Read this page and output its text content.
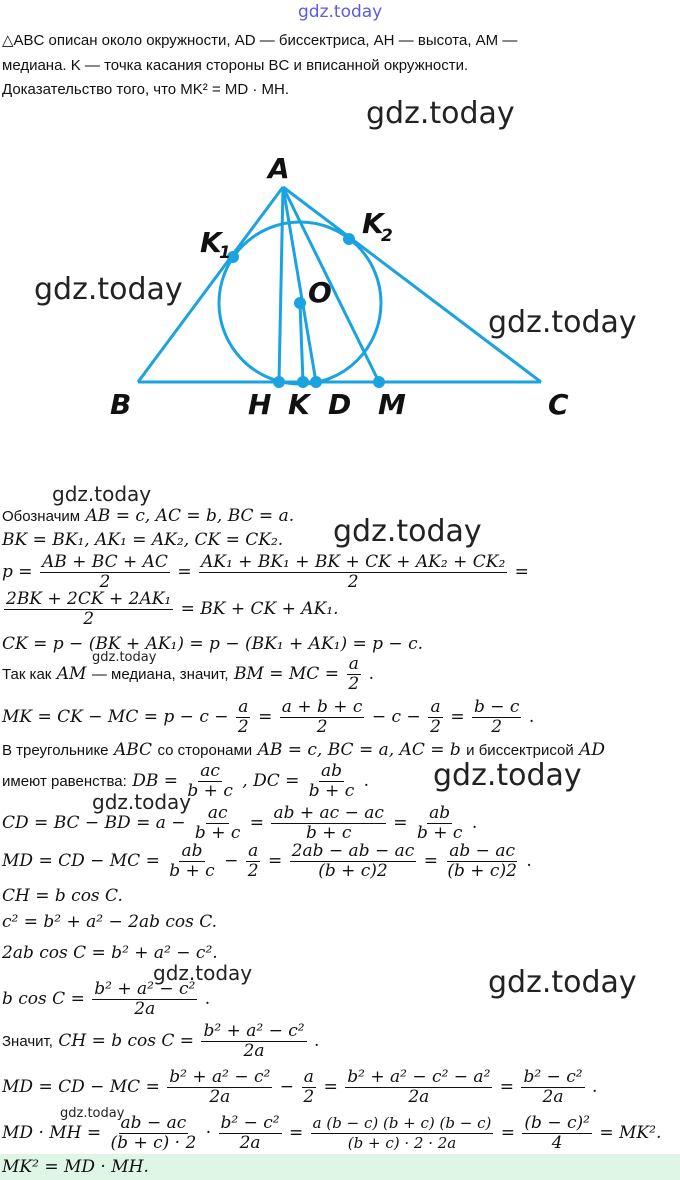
gdz.today
△ABC описан около окружности, AD — биссектриса, AH — высота, AM —
медиана. K — точка касания стороны BC и вписанной окружности.
Доказательство того, что MK² = MD · MH.
gdz.today
gdz.today
gdz.today
A
B	C
O
H K D M
K
1
K
2
gdz.today
gdz.today
gdz.today
gdz.today
gdz.today
gdz.today	gdz.today
gdz.today
Обозначим AB = c, AC = b, BC = a.
BK = BK₁, AK₁ = AK₂, CK = CK₂.
$p = \frac{AB + BC + AC}{2} = \frac{\text{AK₁ + BK₁ + BK + CK + AK₂ + CK₂}}{2}$ =
$\frac{\text{2BK + 2CK + 2AK₁}}{2}$ = BK + CK + AK₁.
CK = p − (BK + AK₁) = p − (BK₁ + AK₁) = p − c.
Так как AM — медиана, значит, BM = MC = $\frac{a}{2}$ .
MK = CK − MC = $p - c - \frac{a}{2} = \frac{a + b + c}{2} - c - \frac{a}{2} = \frac{b - c}{2}$ .
В треугольнике ABC со сторонами AB = c, BC = a, AC = b и биссектрисой AD
имеют равенства: DB = $\frac{ac}{b + c}$ , DC = $\frac{ab}{b + c}$ .
CD = BC − BD = $a - \frac{ac}{b + c} = \frac{ab + ac - ac}{b + c} = \frac{ab}{b + c}$ .
MD = CD − MC = $\frac{ab}{b + c} - \frac{a}{2} = \frac{2ab - ab - ac}{(b + c)2} = \frac{ab - ac}{(b + c)2}$ .
CH = b cos C.
c² = b² + a² − 2ab cos C.
2ab cos C = b² + a² − c².
b $\cos C = \frac{\text{b² + a² − c²}}{2a}$ .
Значит, CH = b $\cos C = \frac{\text{b² + a² − c²}}{2a}$ .
MD = CD − MC = $\frac{\text{b² + a² − c²}}{2a} - \frac{a}{2} = \frac{\text{b² + a² − c² − a²}}{2a} = \frac{\text{b² − c²}}{2a}$ .
MD · MH = $\frac{ab - ac}{(b + c) \cdot 2} \cdot \frac{\text{b² − c²}}{2a} = \frac{a (b - c) (b + c) (b - c)}{(b + c) \cdot 2 \cdot 2a} = \frac{\text{(b − c)²}}{4} = MK^2$.
MK² = MD · MH.
